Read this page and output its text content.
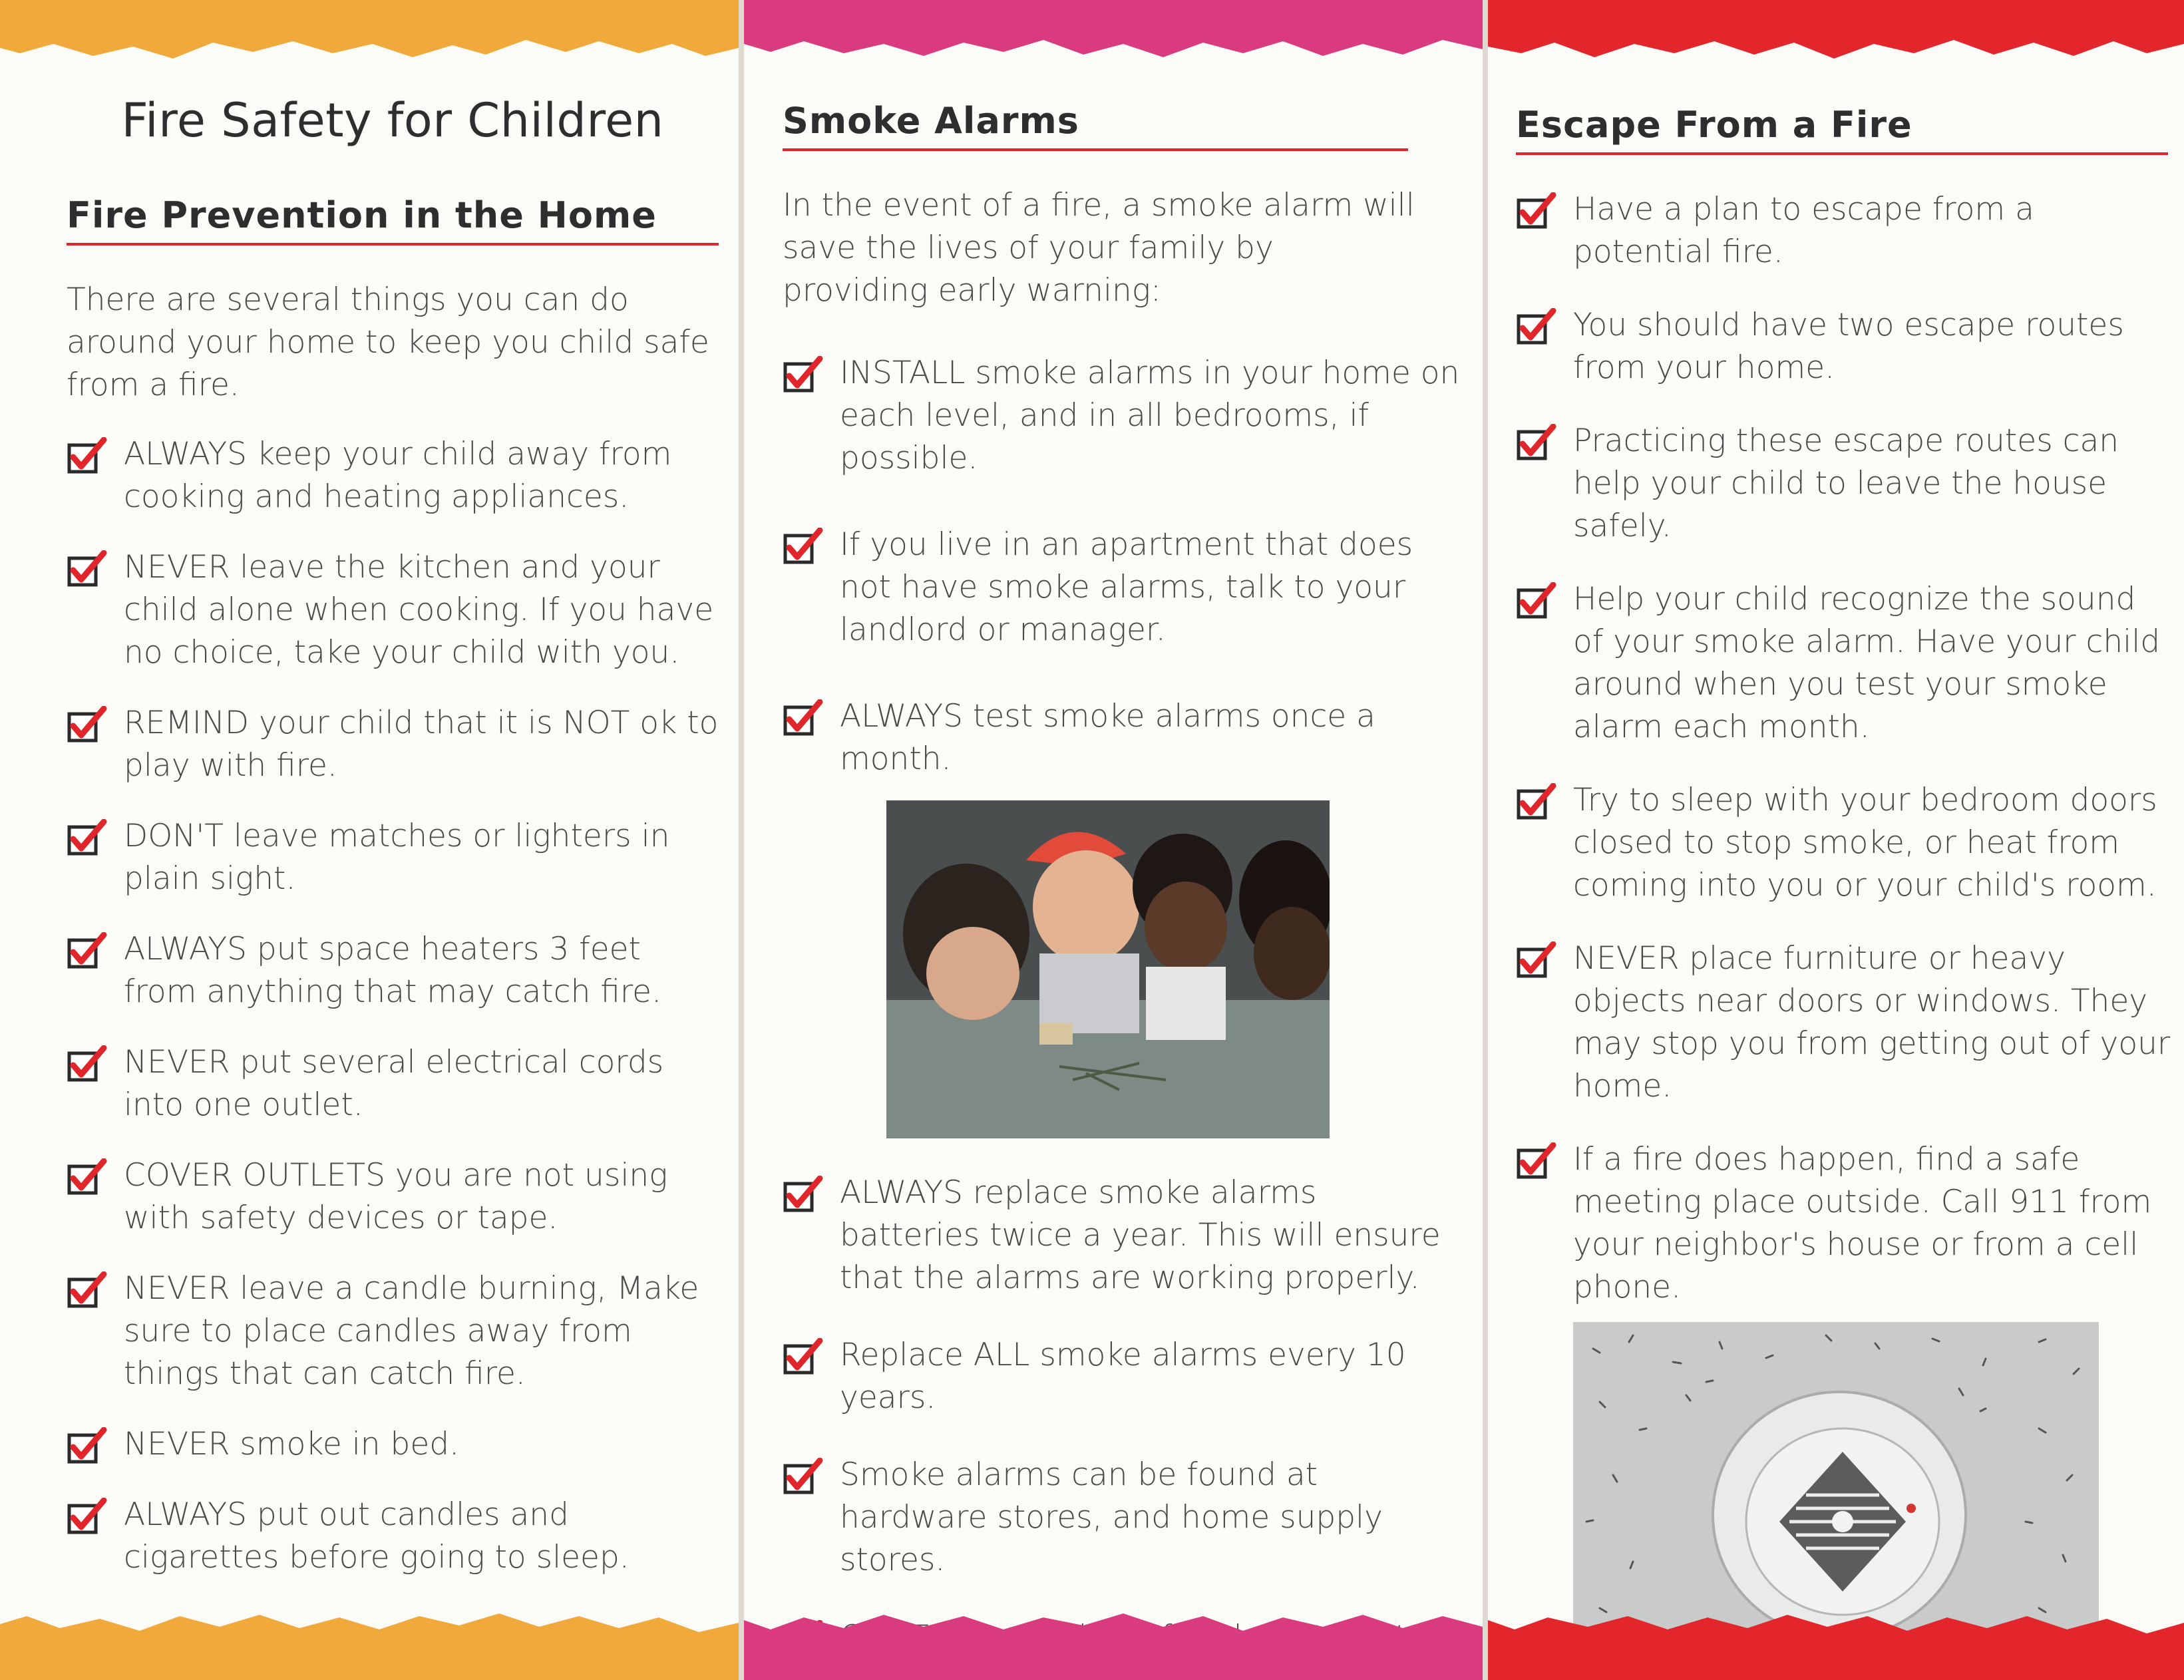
Fire Safety for Children
Fire Prevention in the Home

There are several things you can do around your home to keep you child safe from a fire.

ALWAYS keep your child away from cooking and heating appliances.
NEVER leave the kitchen and your child alone when cooking. If you have no choice, take your child with you.
REMIND your child that it is NOT ok to play with fire.
DON'T leave matches or lighters in plain sight.
ALWAYS put space heaters 3 feet from anything that may catch fire.
NEVER put several electrical cords into one outlet.
COVER OUTLETS you are not using with safety devices or tape.
NEVER leave a candle burning, Make sure to place candles away from things that can catch fire.
NEVER smoke in bed.
ALWAYS put out candles and cigarettes before going to sleep.
Smoke Alarms

In the event of a fire, a smoke alarm will save the lives of your family by providing early warning:

INSTALL smoke alarms in your home on each level, and in all bedrooms, if possible.
If you live in an apartment that does not have smoke alarms, talk to your landlord or manager.
ALWAYS test smoke alarms once a month.
ALWAYS replace smoke alarms batteries twice a year. This will ensure that the alarms are working properly.
Replace ALL smoke alarms every 10 years.
Smoke alarms can be found at hardware stores, and home supply stores.
Escape From a Fire
Have a plan to escape from a potential fire.
You should have two escape routes from your home.
Practicing these escape routes can help your child to leave the house safely.
Help your child recognize the sound of your smoke alarm. Have your child around when you test your smoke alarm each month.
Try to sleep with your bedroom doors closed to stop smoke, or heat from coming into you or your child's room.
NEVER place furniture or heavy objects near doors or windows. They may stop you from getting out of your home.
If a fire does happen, find a safe meeting place outside. Call 911 from your neighbor's house or from a cell phone.
